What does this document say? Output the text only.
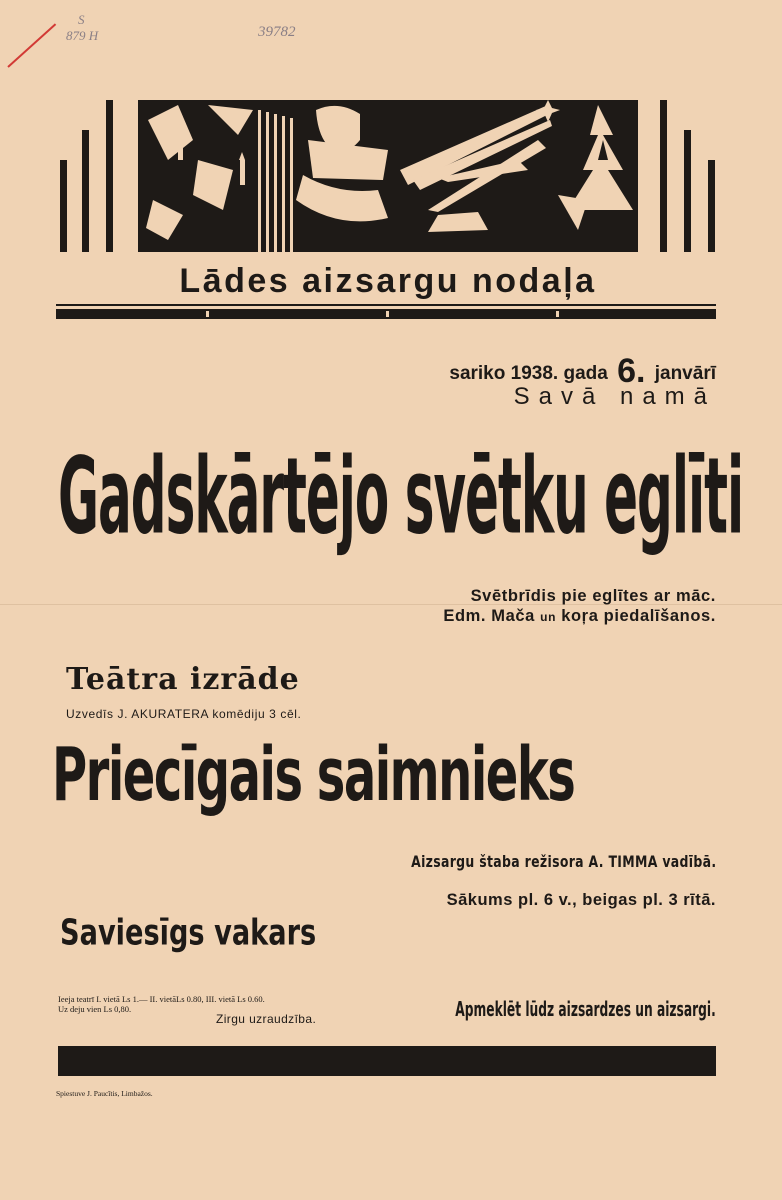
S
879 H	39782
Lādes aizsargu nodaļa
sariko 1938. gada 6. janvārī
Savā namā
Gadskārtējo svētku eglīti
Svētbrīdis pie eglītes ar māc.
Edm. Mača un koŗa piedalīšanos.
Teātra izrāde
Uzvedīs J. AKURATERA komēdiju 3 cēl.
Priecīgais saimnieks
Aizsargu štaba režisora A. TIMMA vadībā.
Sākums pl. 6 v., beigas pl. 3 rītā.
Saviesīgs vakars
Ieeja teatrī I. vietā Ls 1.— II. vietāLs 0.80, III. vietā Ls 0.60.
Uz deju vien Ls 0,80.
Zirgu uzraudzība.	Apmeklēt lūdz aizsardzes un aizsargi.
Spiestuve J. Paucītis, Limbažos.
